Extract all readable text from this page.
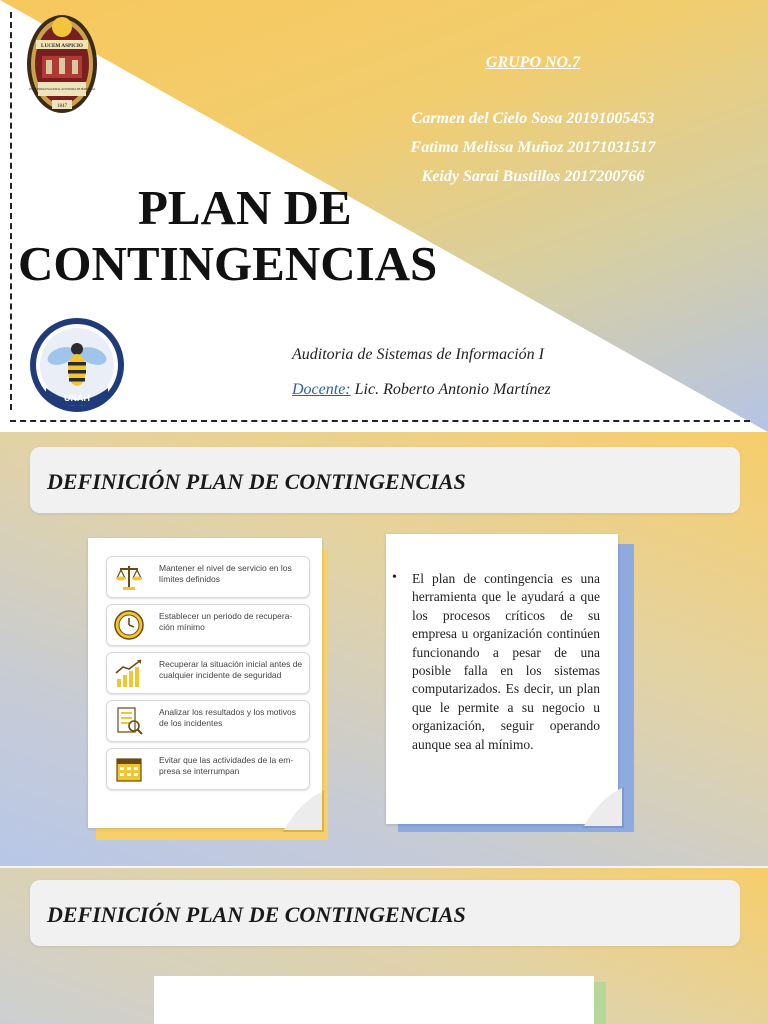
LUCEM ASPICIO
UNIVERSIDAD NACIONAL AUTONOMA DE HONDURAS
1847
GRUPO NO.7
Carmen del Cielo Sosa 20191005453
Fatima Melissa Muñoz 20171031517
Keidy Sarai Bustillos 2017200766
PLAN DE
CONTINGENCIAS
UNAH
Auditoria de Sistemas de Información I
Docente: Lic. Roberto Antonio Martínez
DEFINICIÓN PLAN DE CONTINGENCIAS
Mantener el nivel de servicio en los límites definidos
Establecer un periodo de recupera-ción mínimo
Recuperar la situación inicial antes de cualquier incidente de seguridad
Analizar los resultados y los motivos de los incidentes
Evitar que las actividades de la em-presa se interrumpan
• El plan de contingencia es una herramienta que le ayudará a que los procesos críticos de su empresa u organización continúen funcionando a pesar de una posible falla en los sistemas computarizados. Es decir, un plan que le permite a su negocio u organización, seguir operando aunque sea al mínimo.

DEFINICIÓN PLAN DE CONTINGENCIAS
